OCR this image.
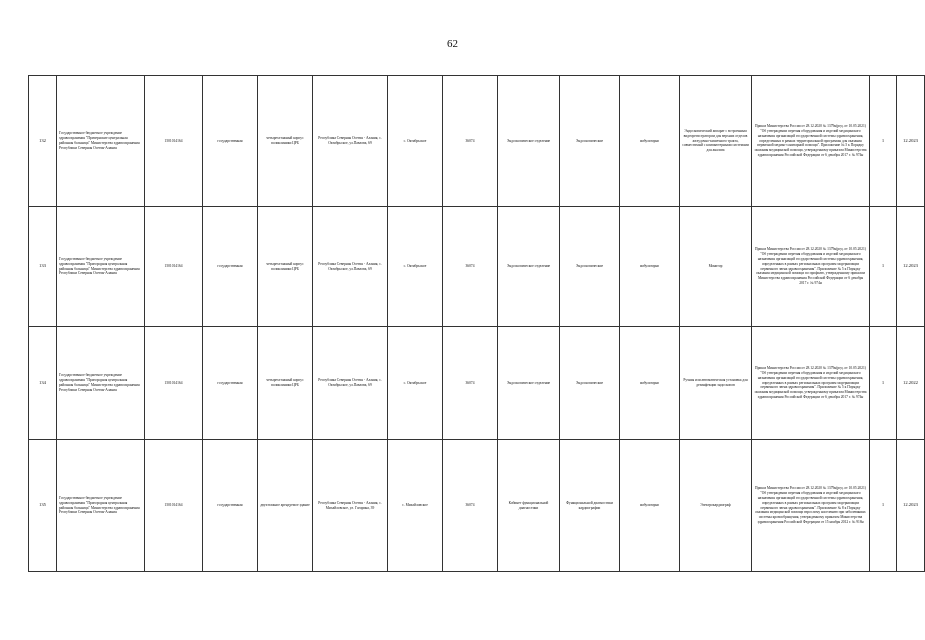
62
132	Государственное бюджетное учреждение здравоохранения "Причернские центральная районная больница" Министерства здравоохранения Республики Северная Осетия-Алания	1501014164	государственная	четырехэтажный корпус поликлиники ЦРБ	Республика Северная Осетия - Алания, с. Октябрьское, ул.Павлова, 69	с. Октябрьское	36074	Эндоскопическое отделение	Эндоскопические	амбулаторно	Эндоскопический аппарат с встроенным видеорегистратором для верхних отделов желудочно-кишечного тракта, совместимый с компьютерными системами для анализа	Приказ Министерства России от 28.12.2020 № 1379н(ред. от 10.05.2021) "Об утверждении перечня оборудования и изделий медицинского назначения организаций государственной системы здравоохранения, определенных в рамках территориальной программы для оказания первичной медико-санитарной помощи". Приложение № 5 к Порядку оказания медицинской помощи, утвержденному приказом Министерства здравоохранения Российской Федерации от 6 декабря 2017 г. № 974н	1	12.2023
133	Государственное бюджетное учреждение здравоохранения "Пригородная центральная районная больница" Министерства здравоохранения Республики Северная Осетия-Алания	1501014164	государственная	четырехэтажный корпус поликлиники ЦРБ	Республика Северная Осетия - Алания, с. Октябрьское, ул.Павлова, 69	с. Октябрьское	36074	Эндоскопическое отделение	Эндоскопические	амбулаторно	Монитор	Приказ Министерства России от 28.12.2020 № 1379н(ред. от 10.05.2021) "Об утверждении перечня оборудования и изделий медицинского назначения организаций государственной системы здравоохранения, определенных в рамках региональных программ модернизации первичного звена здравоохранения". Приложение № 5 к Порядку оказания медицинской помощи по профилю, утвержденному приказом Министерства здравоохранения Российской Федерации от 6 декабря 2017 г. № 974н	1	12.2023
134	Государственное бюджетное учреждение здравоохранения "Пригородная центральная районная больница" Министерства здравоохранения Республики Северная Осетия-Алания	1501014164	государственная	четырехэтажный корпус поликлиники ЦРБ	Республика Северная Осетия - Алания, с. Октябрьское, ул.Павлова, 69	с. Октябрьское	36074	Эндоскопическое отделение	Эндоскопические	амбулаторно	Ручная или автоматическая установка для дезинфекции эндоскопов	Приказ Министерства России от 28.12.2020 № 1379н(ред. от 10.05.2021) "Об утверждении перечня оборудования и изделий медицинского назначения организаций государственной системы здравоохранения, определенных в рамках региональных программ модернизации первичного звена здравоохранения". Приложение № 5 к Порядку оказания медицинской помощи, утвержденному приказом Министерства здравоохранения Российской Федерации от 6 декабря 2017 г. № 974н	1	12.2022
135	Государственное бюджетное учреждение здравоохранения "Пригородная центральная районная больница" Министерства здравоохранения Республики Северная Осетия-Алания	1501014164	государственная	двухэтажное арендуемое здание	Республика Северная Осетия - Алания, с. Михайловское, ул. Гагарина, 39	с. Михайловское	36074	Кабинет функциональной диагностики	Функциональной диагностики кардиографии	амбулаторно	Электрокардиограф	Приказ Министерства России от 28.12.2020 № 1379н(ред. от 10.05.2021) "Об утверждении перечня оборудования и изделий медицинского назначения организаций государственной системы здравоохранения, определенных в рамках региональных программ модернизации первичного звена здравоохранения". Приложение № 8 к Порядку оказания медицинской помощи взрослому населению при заболеваниях системы кровообращения, утвержденному приказом Министерства здравоохранения Российской Федерации от 15 ноября 2012 г. № 918н	1	12.2023
